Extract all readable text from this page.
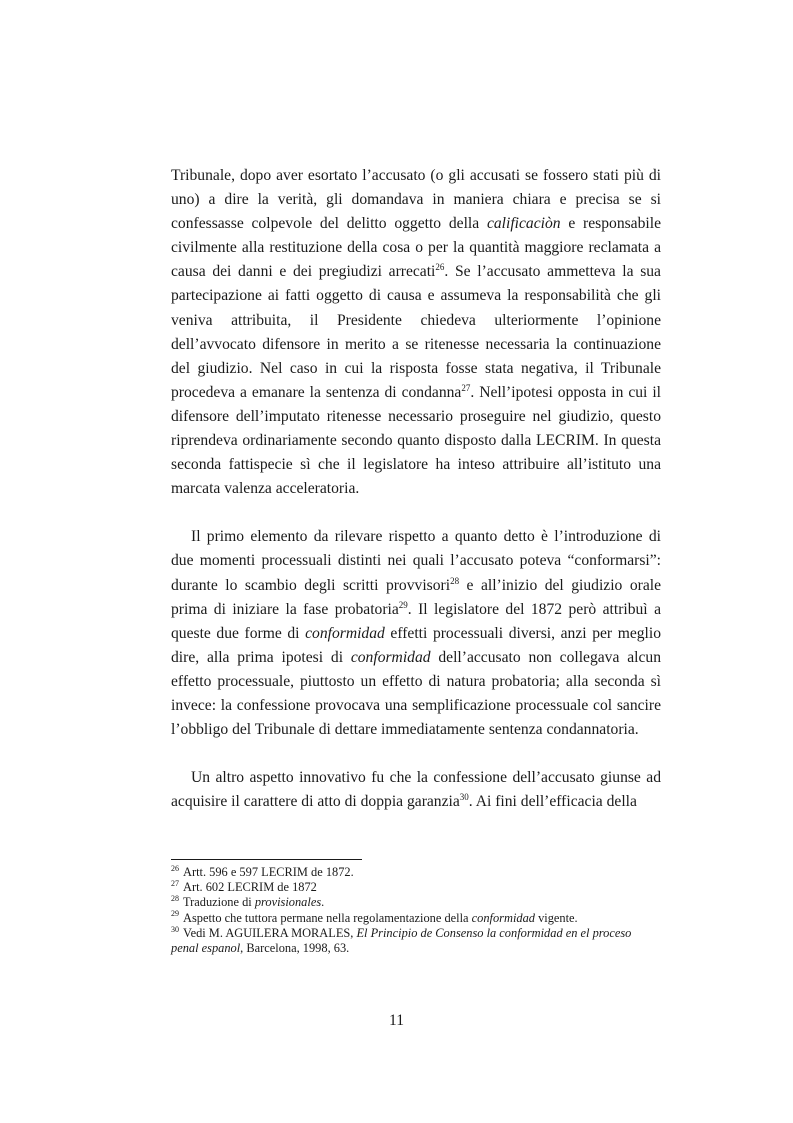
Tribunale, dopo aver esortato l’accusato (o gli accusati se fossero stati più di uno) a dire la verità, gli domandava in maniera chiara e precisa se si confessasse colpevole del delitto oggetto della calificaciòn e responsabile civilmente alla restituzione della cosa o per la quantità maggiore reclamata a causa dei danni e dei pregiudizi arrecati$^{26}$. Se l’accusato ammetteva la sua partecipazione ai fatti oggetto di causa e assumeva la responsabilità che gli veniva attribuita, il Presidente chiedeva ulteriormente l’opinione dell’avvocato difensore in merito a se ritenesse necessaria la continuazione del giudizio. Nel caso in cui la risposta fosse stata negativa, il Tribunale procedeva a emanare la sentenza di condanna$^{27}$. Nell’ipotesi opposta in cui il difensore dell’imputato ritenesse necessario proseguire nel giudizio, questo riprendeva ordinariamente secondo quanto disposto dalla LECRIM. In questa seconda fattispecie sì che il legislatore ha inteso attribuire all’istituto una marcata valenza acceleratoria.

Il primo elemento da rilevare rispetto a quanto detto è l’introduzione di due momenti processuali distinti nei quali l’accusato poteva “conformarsi”: durante lo scambio degli scritti provvisori$^{28}$ e all’inizio del giudizio orale prima di iniziare la fase probatoria$^{29}$. Il legislatore del 1872 però attribuì a queste due forme di conformidad effetti processuali diversi, anzi per meglio dire, alla prima ipotesi di conformidad dell’accusato non collegava alcun effetto processuale, piuttosto un effetto di natura probatoria; alla seconda sì invece: la confessione provocava una semplificazione processuale col sancire l’obbligo del Tribunale di dettare immediatamente sentenza condannatoria.

Un altro aspetto innovativo fu che la confessione dell’accusato giunse ad acquisire il carattere di atto di doppia garanzia$^{30}$. Ai fini dell’efficacia della

$^{26}$ Artt. 596 e 597 LECRIM de 1872.
$^{27}$ Art. 602 LECRIM de 1872
$^{28}$ Traduzione di provisionales.
$^{29}$ Aspetto che tuttora permane nella regolamentazione della conformidad vigente.
$^{30}$ Vedi M. AGUILERA MORALES, El Principio de Consenso la conformidad en el proceso penal espanol, Barcelona, 1998, 63.
11
